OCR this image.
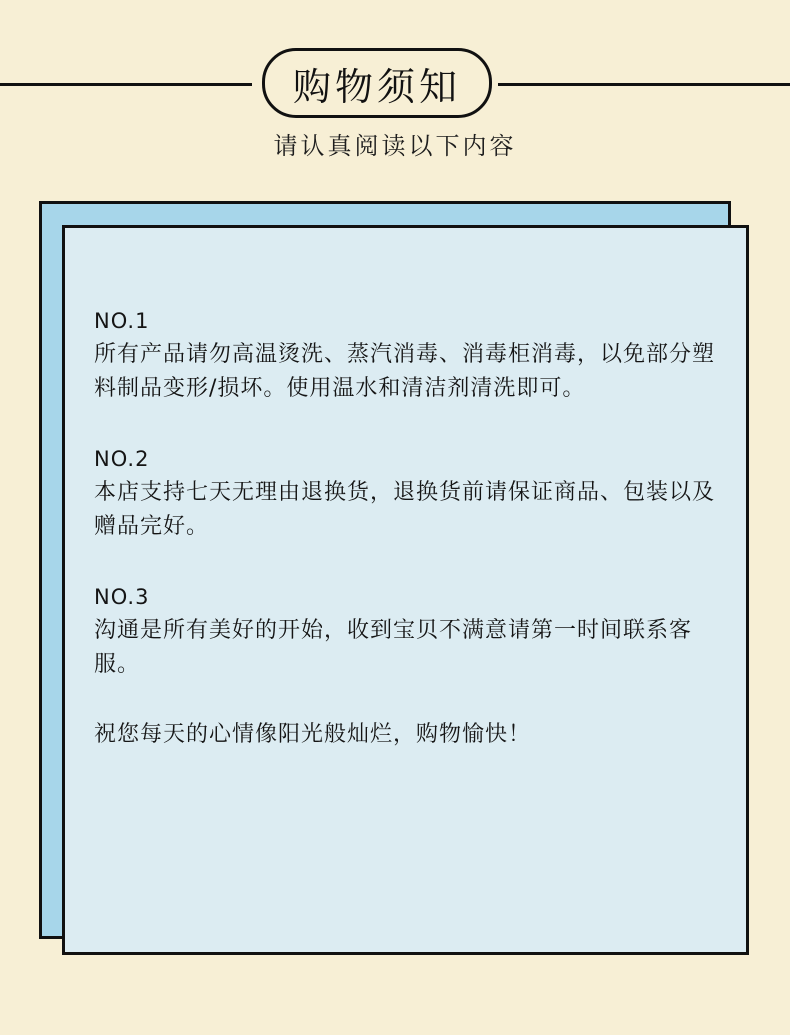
购物须知
请认真阅读以下内容
NO.1
所有产品请勿高温烫洗、蒸汽消毒、消毒柜消毒，以免部分塑料制品变形/损坏。使用温水和清洁剂清洗即可。
NO.2
本店支持七天无理由退换货，退换货前请保证商品、包装以及赠品完好。
NO.3
沟通是所有美好的开始，收到宝贝不满意请第一时间联系客服。
祝您每天的心情像阳光般灿烂，购物愉快！
